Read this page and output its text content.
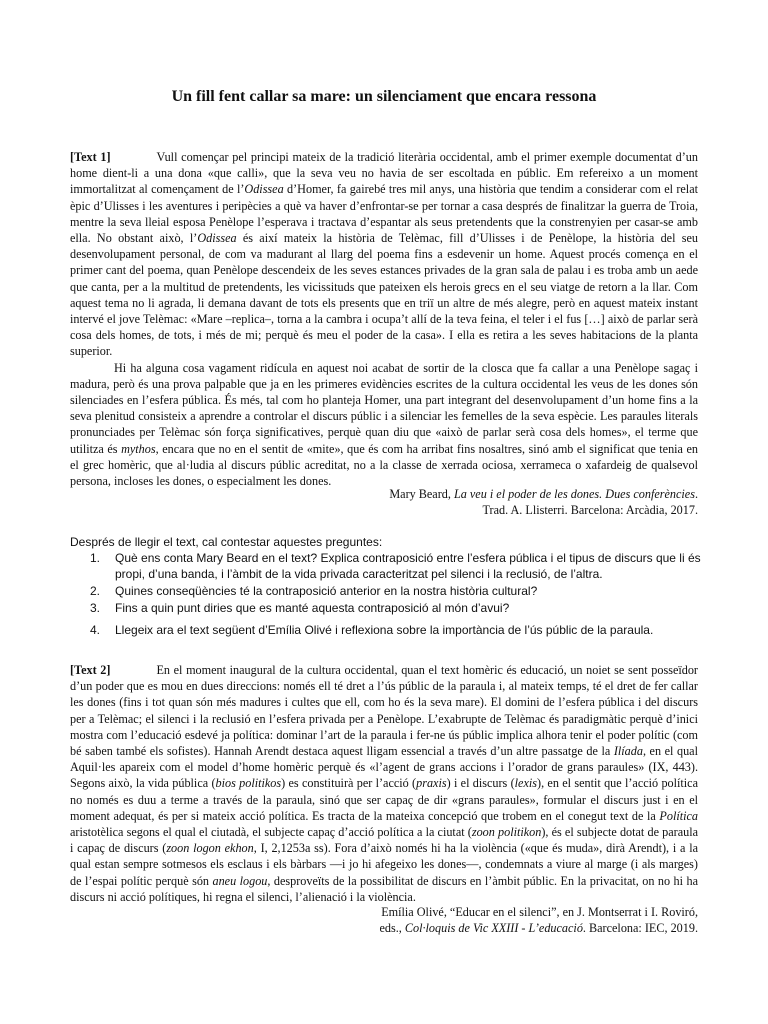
Un fill fent callar sa mare: un silenciament que encara ressona

[Text 1]	Vull començar pel principi mateix de la tradició literària occidental, amb el primer exemple documentat d’un home dient-li a una dona «que calli», que la seva veu no havia de ser escoltada en públic. Em refereixo a un moment immortalitzat al començament de l’Odissea d’Homer, fa gairebé tres mil anys, una història que tendim a considerar com el relat èpic d’Ulisses i les aventures i peripècies a què va haver d’enfrontar-se per tornar a casa després de finalitzar la guerra de Troia, mentre la seva lleial esposa Penèlope l’esperava i tractava d’espantar als seus pretendents que la constrenyien per casar-se amb ella. No obstant això, l’Odissea és així mateix la història de Telèmac, fill d’Ulisses i de Penèlope, la història del seu desenvolupament personal, de com va madurant al llarg del poema fins a esdevenir un home. Aquest procés comença en el primer cant del poema, quan Penèlope descendeix de les seves estances privades de la gran sala de palau i es troba amb un aede que canta, per a la multitud de pretendents, les vicissituds que pateixen els herois grecs en el seu viatge de retorn a la llar. Com aquest tema no li agrada, li demana davant de tots els presents que en triï un altre de més alegre, però en aquest mateix instant intervé el jove Telèmac: «Mare –replica–, torna a la cambra i ocupa’t allí de la teva feina, el teler i el fus […] això de parlar serà cosa dels homes, de tots, i més de mi; perquè és meu el poder de la casa». I ella es retira a les seves habitacions de la planta superior.

Hi ha alguna cosa vagament ridícula en aquest noi acabat de sortir de la closca que fa callar a una Penèlope sagaç i madura, però és una prova palpable que ja en les primeres evidències escrites de la cultura occidental les veus de les dones són silenciades en l’esfera pública. És més, tal com ho planteja Homer, una part integrant del desenvolupament d’un home fins a la seva plenitud consisteix a aprendre a controlar el discurs públic i a silenciar les femelles de la seva espècie. Les paraules literals pronunciades per Telèmac són força significatives, perquè quan diu que «això de parlar serà cosa dels homes», el terme que utilitza és mythos, encara que no en el sentit de «mite», que és com ha arribat fins nosaltres, sinó amb el significat que tenia en el grec homèric, que al·ludia al discurs públic acreditat, no a la classe de xerrada ociosa, xerrameca o xafardeig de qualsevol persona, incloses les dones, o especialment les dones.

Mary Beard, La veu i el poder de les dones. Dues conferències.
Trad. A. Llisterri. Barcelona: Arcàdia, 2017.
Després de llegir el text, cal contestar aquestes preguntes:
1. Què ens conta Mary Beard en el text? Explica contraposició entre l’esfera pública i el tipus de discurs que li és propi, d’una banda, i l’àmbit de la vida privada caracteritzat pel silenci i la reclusió, de l’altra.
2. Quines conseqüències té la contraposició anterior en la nostra història cultural?
3. Fins a quin punt diries que es manté aquesta contraposició al món d’avui?
4. Llegeix ara el text següent d’Emília Olivé i reflexiona sobre la importància de l’ús públic de la paraula.

[Text 2]	En el moment inaugural de la cultura occidental, quan el text homèric és educació, un noiet se sent posseïdor d’un poder que es mou en dues direccions: només ell té dret a l’ús públic de la paraula i, al mateix temps, té el dret de fer callar les dones (fins i tot quan són més madures i cultes que ell, com ho és la seva mare). El domini de l’esfera pública i del discurs per a Telèmac; el silenci i la reclusió en l’esfera privada per a Penèlope. L’exabrupte de Telèmac és paradigmàtic perquè d’inici mostra com l’educació esdevé ja política: dominar l’art de la paraula i fer-ne ús públic implica alhora tenir el poder polític (com bé saben també els sofistes). Hannah Arendt destaca aquest lligam essencial a través d’un altre passatge de la Ilíada, en el qual Aquil·les apareix com el model d’home homèric perquè és «l’agent de grans accions i l’orador de grans paraules» (IX, 443). Segons això, la vida pública (bios politikos) es constituirà per l’acció (praxis) i el discurs (lexis), en el sentit que l’acció política no només es duu a terme a través de la paraula, sinó que ser capaç de dir «grans paraules», formular el discurs just i en el moment adequat, és per si mateix acció política. Es tracta de la mateixa concepció que trobem en el conegut text de la Política aristotèlica segons el qual el ciutadà, el subjecte capaç d’acció política a la ciutat (zoon politikon), és el subjecte dotat de paraula i capaç de discurs (zoon logon ekhon, I, 2,1253a ss). Fora d’això només hi ha la violència («que és muda», dirà Arendt), i a la qual estan sempre sotmesos els esclaus i els bàrbars —i jo hi afegeixo les dones—, condemnats a viure al marge (i als marges) de l’espai polític perquè són aneu logou, desproveïts de la possibilitat de discurs en l’àmbit públic. En la privacitat, on no hi ha discurs ni acció polítiques, hi regna el silenci, l’alienació i la violència.

Emília Olivé, “Educar en el silenci”, en J. Montserrat i I. Roviró,
eds., Col·loquis de Vic XXIII - L’educació. Barcelona: IEC, 2019.
